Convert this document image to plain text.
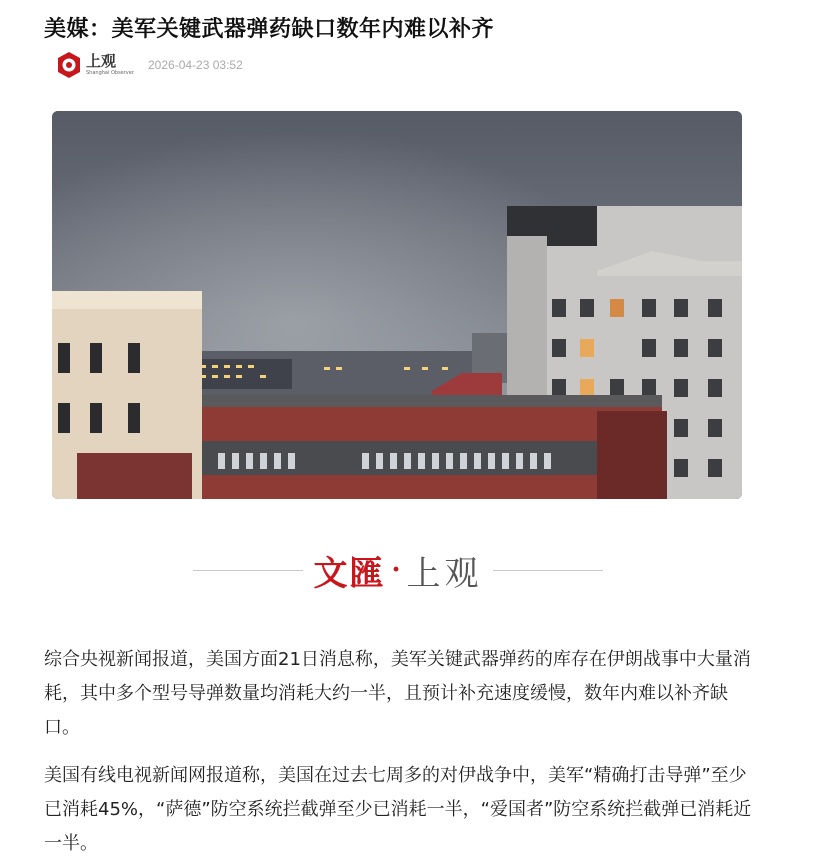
美媒：美军关键武器弹药缺口数年内难以补齐
上观
Shanghai Observer
2026-04-23 03:52
文匯 · 上观

综合央视新闻报道，美国方面21日消息称，美军关键武器弹药的库存在伊朗战事中大量消耗，其中多个型号导弹数量均消耗大约一半，且预计补充速度缓慢，数年内难以补齐缺口。

美国有线电视新闻网报道称，美国在过去七周多的对伊战争中，美军“精确打击导弹”至少已消耗45%，“萨德”防空系统拦截弹至少已消耗一半，“爱国者”防空系统拦截弹已消耗近一半。
